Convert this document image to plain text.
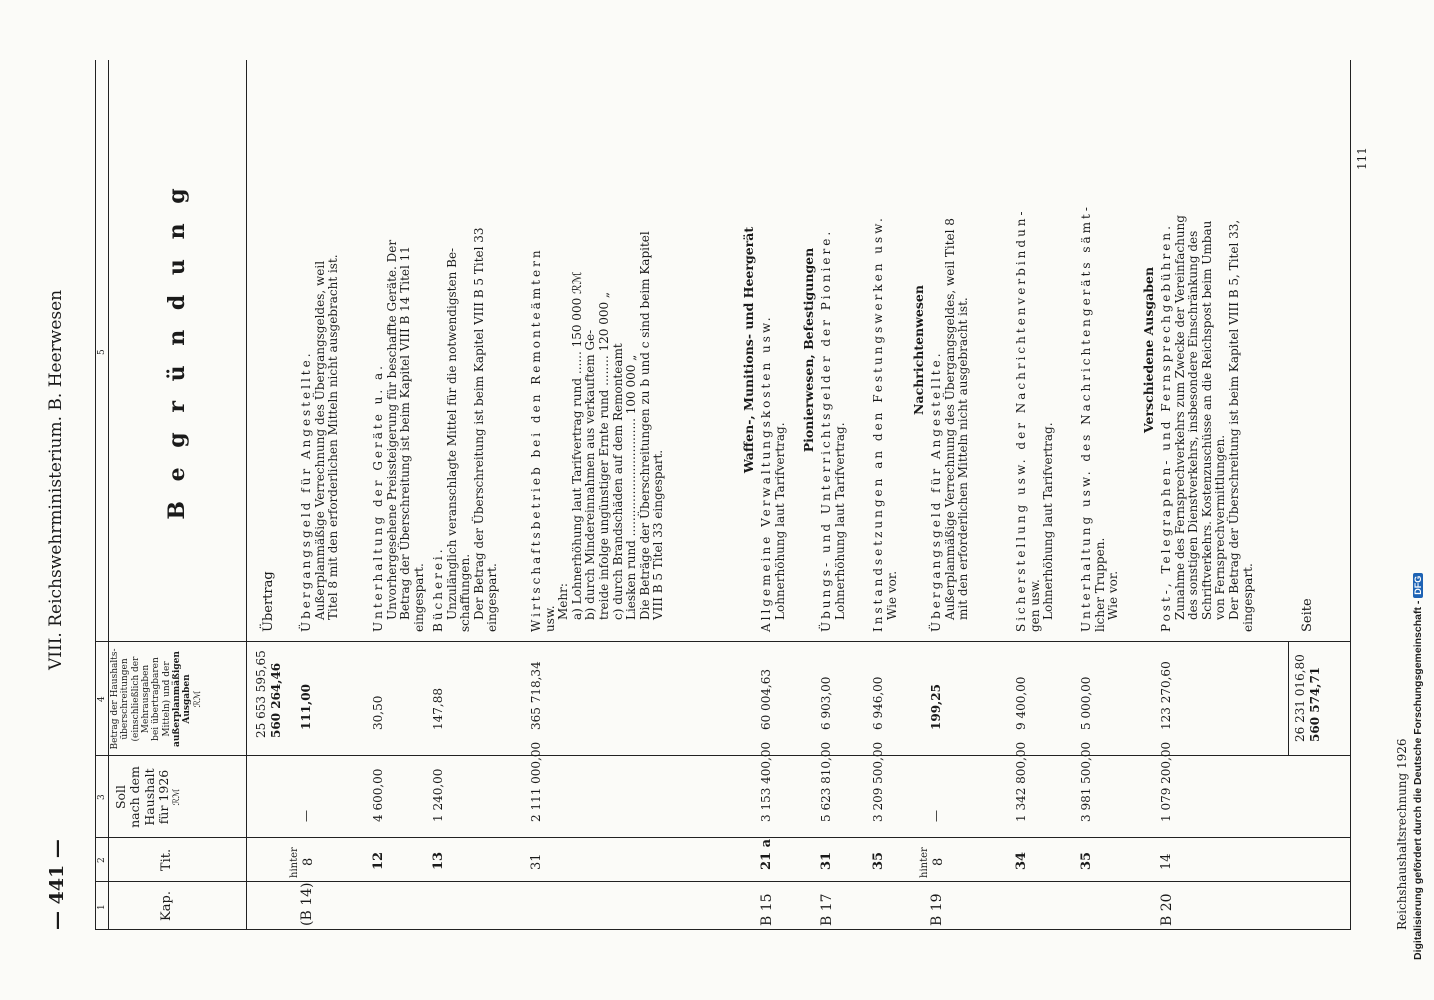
— 441 —
VIII. Reichswehrministerium. B. Heerwesen
1
2
3
4
5
Kap.
Tit.
Soll nach dem Haushalt für 1926 ℛℳ
Betrag der Haushalts- überschreitungen (einschließlich der Mehrausgaben bei übertragbaren Mitteln) und der außerplanmäßigen Ausgaben ℛℳ
B e g r ü n d u n g
25 653 595,65 560 264,46
Übertrag
26 231 016,80 560 574,71
Seite
Reichshaushaltsrechnung 1926
111
Digitalisierung gefördert durch die Deutsche Forschungsgemeinschaft - DFG
(B 14)
hinter 8
—
111,00
Übergangsgeld für Angestellte. Außerplanmäßige Verrechnung des Übergangsgeldes, weil Titel 8 mit den erforderlichen Mitteln nicht ausgebracht ist.
12
4 600,00
30,50
Unterhaltung der Geräte u. a. Unvorhergesehene Preissteigerung für beschaffte Geräte. Der Betrag der Überschreitung ist beim Kapitel VIII B 14 Titel 11 eingespart.
13
1 240,00
147,88
Bücherei. Unzulänglich veranschlagte Mittel für die notwendigsten Be- schaffungen. Der Betrag der Überschreitung ist beim Kapitel VIII B 5 Titel 33 eingespart.
31
2 111 000,00
365 718,34
Wirtschaftsbetrieb bei den Remonteämtern usw. Mehr: a) Lohnerhöhung laut Tarifvertrag rund ...... 150 000 ℛℳ b) durch Mindereinnahmen aus verkauftem Ge- treide infolge ungünstiger Ernte rund ........ 120 000 „ c) durch Brandschäden auf dem Remonteamt Liesken rund ............................... 100 000 „ Die Beträge der Überschreitungen zu b und c sind beim Kapitel VIII B 5 Titel 33 eingespart.
Waffen-, Munitions- und Heergerät
B 15
21 a
3 153 400,00
60 004,63
Allgemeine Verwaltungskosten usw. Lohnerhöhung laut Tarifvertrag.
Pionierwesen, Befestigungen
B 17
31
5 623 810,00
6 903,00
Übungs- und Unterrichtsgelder der Pioniere. Lohnerhöhung laut Tarifvertrag.
35
3 209 500,00
6 946,00
Instandsetzungen an den Festungswerken usw. Wie vor.
Nachrichtenwesen
B 19
hinter 8
—
199,25
Übergangsgeld für Angestellte. Außerplanmäßige Verrechnung des Übergangsgeldes, weil Titel 8 mit den erforderlichen Mitteln nicht ausgebracht ist.
34
1 342 800,00
9 400,00
Sicherstellung usw. der Nachrichtenverbindun- gen usw. Lohnerhöhung laut Tarifvertrag.
35
3 981 500,00
5 000,00
Unterhaltung usw. des Nachrichtengeräts sämt- licher Truppen. Wie vor.
Verschiedene Ausgaben
B 20
14
1 079 200,00
123 270,60
Post-, Telegraphen- und Fernsprechgebühren. Zunahme des Fernsprechverkehrs zum Zwecke der Vereinfachung des sonstigen Dienstverkehrs, insbesondere Einschränkung des Schriftverkehrs. Kostenzuschüsse an die Reichspost beim Umbau von Fernsprechvermittlungen. Der Betrag der Überschreitung ist beim Kapitel VIII B 5, Titel 33, eingespart.
